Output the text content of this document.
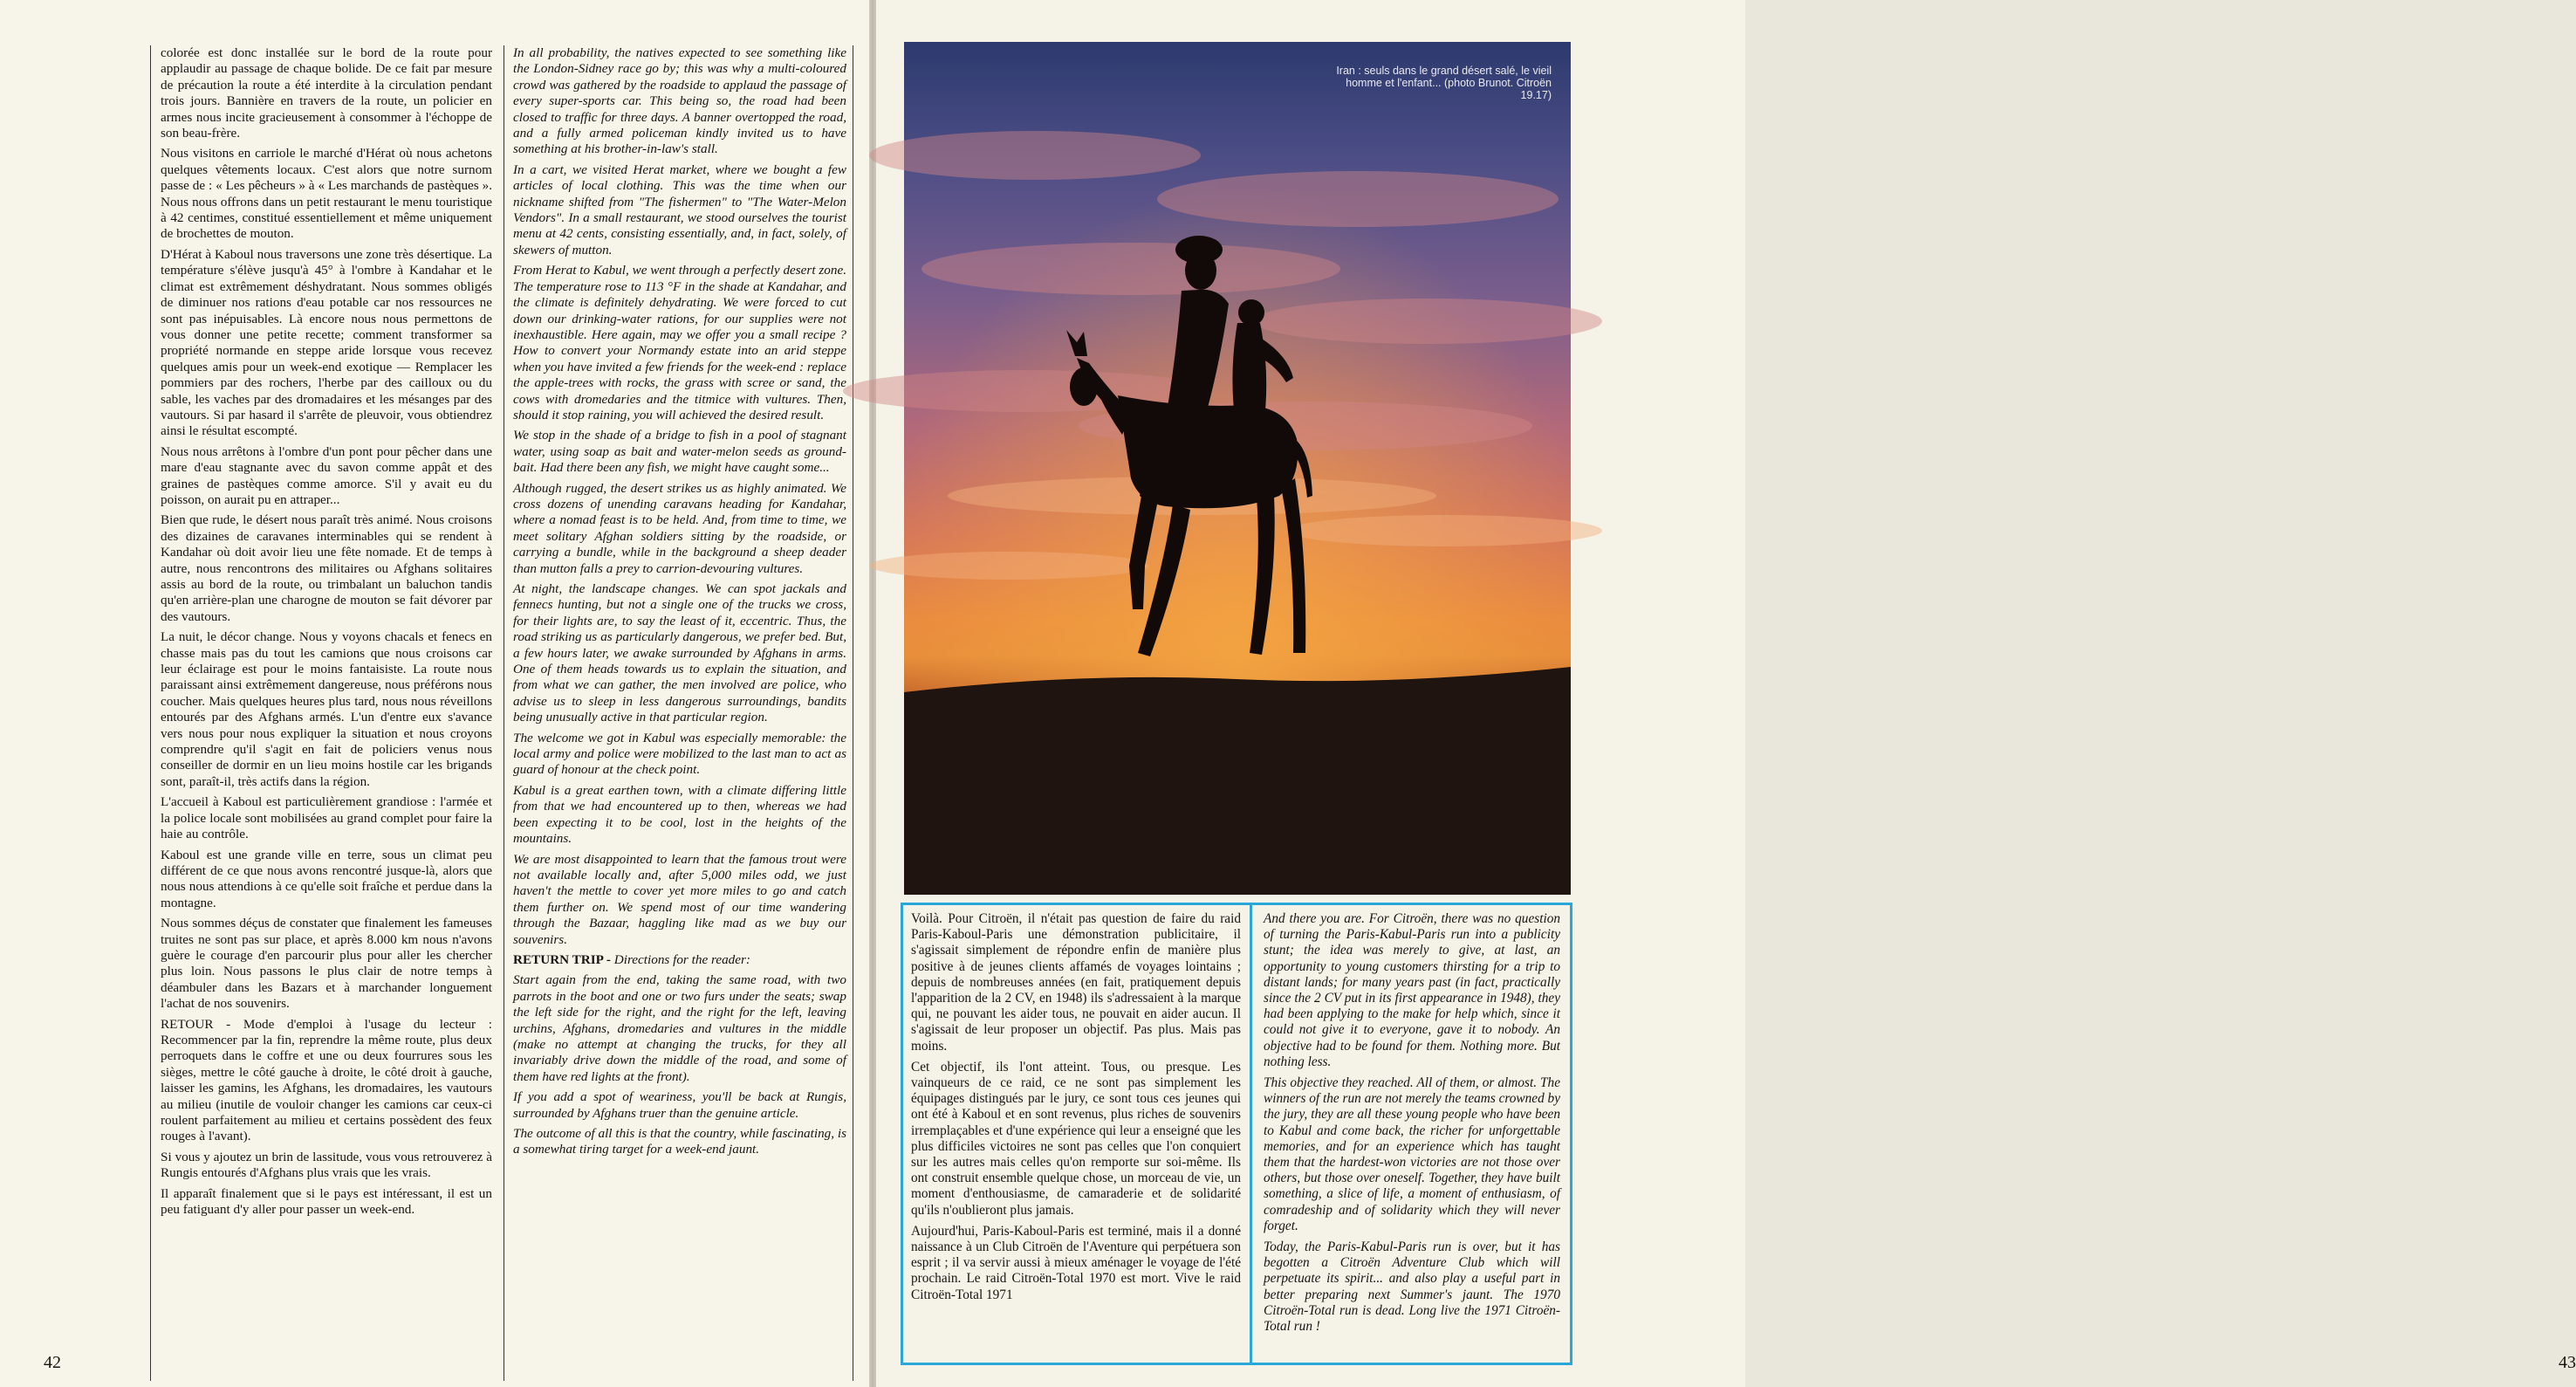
colorée est donc installée sur le bord de la route pour applaudir au passage de chaque bolide. De ce fait par mesure de précaution la route a été interdite à la circulation pendant trois jours. Bannière en travers de la route, un policier en armes nous incite gracieusement à consommer à l'échoppe de son beau-frère.

Nous visitons en carriole le marché d'Hérat où nous achetons quelques vêtements locaux. C'est alors que notre surnom passe de : « Les pêcheurs » à « Les marchands de pastèques ». Nous nous offrons dans un petit restaurant le menu touristique à 42 centimes, constitué essentiellement et même uniquement de brochettes de mouton.

D'Hérat à Kaboul nous traversons une zone très désertique. La température s'élève jusqu'à 45° à l'ombre à Kandahar et le climat est extrêmement déshydratant. Nous sommes obligés de diminuer nos rations d'eau potable car nos ressources ne sont pas inépuisables. Là encore nous nous permettons de vous donner une petite recette; comment transformer sa propriété normande en steppe aride lorsque vous recevez quelques amis pour un week-end exotique — Remplacer les pommiers par des rochers, l'herbe par des cailloux ou du sable, les vaches par des dromadaires et les mésanges par des vautours. Si par hasard il s'arrête de pleuvoir, vous obtiendrez ainsi le résultat escompté.

Nous nous arrêtons à l'ombre d'un pont pour pêcher dans une mare d'eau stagnante avec du savon comme appât et des graines de pastèques comme amorce. S'il y avait eu du poisson, on aurait pu en attraper...

Bien que rude, le désert nous paraît très animé. Nous croisons des dizaines de caravanes interminables qui se rendent à Kandahar où doit avoir lieu une fête nomade. Et de temps à autre, nous rencontrons des militaires ou Afghans solitaires assis au bord de la route, ou trimbalant un baluchon tandis qu'en arrière-plan une charogne de mouton se fait dévorer par des vautours.

La nuit, le décor change. Nous y voyons chacals et fenecs en chasse mais pas du tout les camions que nous croisons car leur éclairage est pour le moins fantaisiste. La route nous paraissant ainsi extrêmement dangereuse, nous préférons nous coucher. Mais quelques heures plus tard, nous nous réveillons entourés par des Afghans armés. L'un d'entre eux s'avance vers nous pour nous expliquer la situation et nous croyons comprendre qu'il s'agit en fait de policiers venus nous conseiller de dormir en un lieu moins hostile car les brigands sont, paraît-il, très actifs dans la région.

L'accueil à Kaboul est particulièrement grandiose : l'armée et la police locale sont mobilisées au grand complet pour faire la haie au contrôle.

Kaboul est une grande ville en terre, sous un climat peu différent de ce que nous avons rencontré jusque-là, alors que nous nous attendions à ce qu'elle soit fraîche et perdue dans la montagne.

Nous sommes déçus de constater que finalement les fameuses truites ne sont pas sur place, et après 8.000 km nous n'avons guère le courage d'en parcourir plus pour aller les chercher plus loin. Nous passons le plus clair de notre temps à déambuler dans les Bazars et à marchander longuement l'achat de nos souvenirs.

RETOUR - Mode d'emploi à l'usage du lecteur : Recommencer par la fin, reprendre la même route, plus deux perroquets dans le coffre et une ou deux fourrures sous les sièges, mettre le côté gauche à droite, le côté droit à gauche, laisser les gamins, les Afghans, les dromadaires, les vautours au milieu (inutile de vouloir changer les camions car ceux-ci roulent parfaitement au milieu et certains possèdent des feux rouges à l'avant).

Si vous y ajoutez un brin de lassitude, vous vous retrouverez à Rungis entourés d'Afghans plus vrais que les vrais.

Il apparaît finalement que si le pays est intéressant, il est un peu fatiguant d'y aller pour passer un week-end.

In all probability, the natives expected to see something like the London-Sidney race go by; this was why a multi-coloured crowd was gathered by the roadside to applaud the passage of every super-sports car. This being so, the road had been closed to traffic for three days. A banner overtopped the road, and a fully armed policeman kindly invited us to have something at his brother-in-law's stall.

In a cart, we visited Herat market, where we bought a few articles of local clothing. This was the time when our nickname shifted from "The fishermen" to "The Water-Melon Vendors". In a small restaurant, we stood ourselves the tourist menu at 42 cents, consisting essentially, and, in fact, solely, of skewers of mutton.

From Herat to Kabul, we went through a perfectly desert zone. The temperature rose to 113 °F in the shade at Kandahar, and the climate is definitely dehydrating. We were forced to cut down our drinking-water rations, for our supplies were not inexhaustible. Here again, may we offer you a small recipe ? How to convert your Normandy estate into an arid steppe when you have invited a few friends for the week-end : replace the apple-trees with rocks, the grass with scree or sand, the cows with dromedaries and the titmice with vultures. Then, should it stop raining, you will achieved the desired result.

We stop in the shade of a bridge to fish in a pool of stagnant water, using soap as bait and water-melon seeds as ground-bait. Had there been any fish, we might have caught some...

Although rugged, the desert strikes us as highly animated. We cross dozens of unending caravans heading for Kandahar, where a nomad feast is to be held. And, from time to time, we meet solitary Afghan soldiers sitting by the roadside, or carrying a bundle, while in the background a sheep deader than mutton falls a prey to carrion-devouring vultures.

At night, the landscape changes. We can spot jackals and fennecs hunting, but not a single one of the trucks we cross, for their lights are, to say the least of it, eccentric. Thus, the road striking us as particularly dangerous, we prefer bed. But, a few hours later, we awake surrounded by Afghans in arms. One of them heads towards us to explain the situation, and from what we can gather, the men involved are police, who advise us to sleep in less dangerous surroundings, bandits being unusually active in that particular region.

The welcome we got in Kabul was especially memorable: the local army and police were mobilized to the last man to act as guard of honour at the check point.

Kabul is a great earthen town, with a climate differing little from that we had encountered up to then, whereas we had been expecting it to be cool, lost in the heights of the mountains.

We are most disappointed to learn that the famous trout were not available locally and, after 5,000 miles odd, we just haven't the mettle to cover yet more miles to go and catch them further on. We spend most of our time wandering through the Bazaar, haggling like mad as we buy our souvenirs.

RETURN TRIP - Directions for the reader:

Start again from the end, taking the same road, with two parrots in the boot and one or two furs under the seats; swap the left side for the right, and the right for the left, leaving urchins, Afghans, dromedaries and vultures in the middle (make no attempt at changing the trucks, for they all invariably drive down the middle of the road, and some of them have red lights at the front).

If you add a spot of weariness, you'll be back at Rungis, surrounded by Afghans truer than the genuine article.

The outcome of all this is that the country, while fascinating, is a somewhat tiring target for a week-end jaunt.

42	43
Iran : seuls dans le grand désert salé, le vieil homme et l'enfant... (photo Brunot. Citroën 19.17)

Voilà. Pour Citroën, il n'était pas question de faire du raid Paris-Kaboul-Paris une démonstration publicitaire, il s'agissait simplement de répondre enfin de manière plus positive à de jeunes clients affamés de voyages lointains ; depuis de nombreuses années (en fait, pratiquement depuis l'apparition de la 2 CV, en 1948) ils s'adressaient à la marque qui, ne pouvant les aider tous, ne pouvait en aider aucun. Il s'agissait de leur proposer un objectif. Pas plus. Mais pas moins.

Cet objectif, ils l'ont atteint. Tous, ou presque. Les vainqueurs de ce raid, ce ne sont pas simplement les équipages distingués par le jury, ce sont tous ces jeunes qui ont été à Kaboul et en sont revenus, plus riches de souvenirs irremplaçables et d'une expérience qui leur a enseigné que les plus difficiles victoires ne sont pas celles que l'on conquiert sur les autres mais celles qu'on remporte sur soi-même. Ils ont construit ensemble quelque chose, un morceau de vie, un moment d'enthousiasme, de camaraderie et de solidarité qu'ils n'oublieront plus jamais.

Aujourd'hui, Paris-Kaboul-Paris est terminé, mais il a donné naissance à un Club Citroën de l'Aventure qui perpétuera son esprit ; il va servir aussi à mieux aménager le voyage de l'été prochain. Le raid Citroën-Total 1970 est mort. Vive le raid Citroën-Total 1971

And there you are. For Citroën, there was no question of turning the Paris-Kabul-Paris run into a publicity stunt; the idea was merely to give, at last, an opportunity to young customers thirsting for a trip to distant lands; for many years past (in fact, practically since the 2 CV put in its first appearance in 1948), they had been applying to the make for help which, since it could not give it to everyone, gave it to nobody. An objective had to be found for them. Nothing more. But nothing less.

This objective they reached. All of them, or almost. The winners of the run are not merely the teams crowned by the jury, they are all these young people who have been to Kabul and come back, the richer for unforgettable memories, and for an experience which has taught them that the hardest-won victories are not those over others, but those over oneself. Together, they have built something, a slice of life, a moment of enthusiasm, of comradeship and of solidarity which they will never forget.

Today, the Paris-Kabul-Paris run is over, but it has begotten a Citroën Adventure Club which will perpetuate its spirit... and also play a useful part in better preparing next Summer's jaunt. The 1970 Citroën-Total run is dead. Long live the 1971 Citroën-Total run !
